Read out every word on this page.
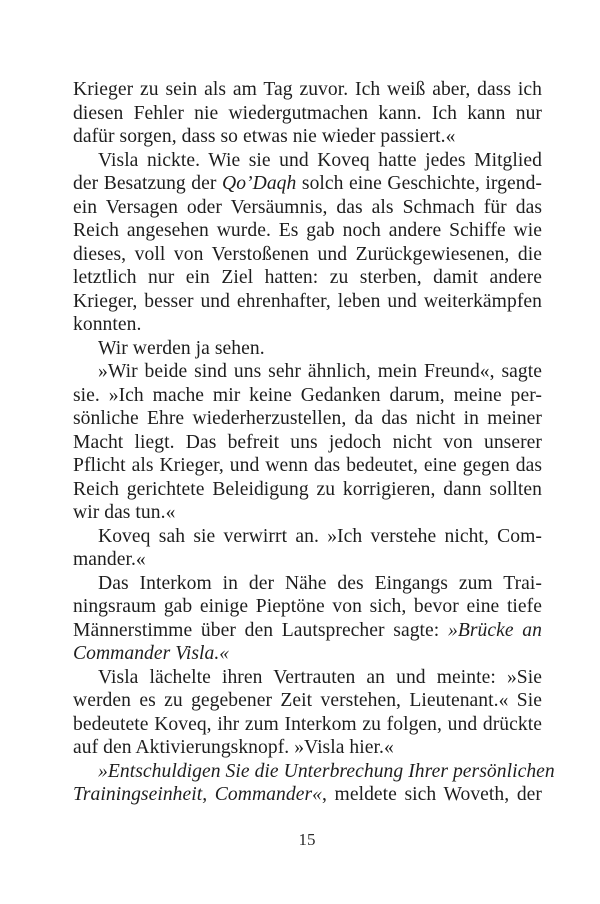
Krieger zu sein als am Tag zuvor. Ich weiß aber, dass ich
diesen Fehler nie wiedergutmachen kann. Ich kann nur
dafür sorgen, dass so etwas nie wieder passiert.«
Visla nickte. Wie sie und Koveq hatte jedes Mitglied
der Besatzung der Qo’Daqh solch eine Geschichte, irgend-
ein Versagen oder Versäumnis, das als Schmach für das
Reich angesehen wurde. Es gab noch andere Schiffe wie
dieses, voll von Verstoßenen und Zurückgewiesenen, die
letztlich nur ein Ziel hatten: zu sterben, damit andere
Krieger, besser und ehrenhafter, leben und weiterkämpfen
konnten.
Wir werden ja sehen.
»Wir beide sind uns sehr ähnlich, mein Freund«, sagte
sie. »Ich mache mir keine Gedanken darum, meine per-
sönliche Ehre wiederherzustellen, da das nicht in meiner
Macht liegt. Das befreit uns jedoch nicht von unserer
Pflicht als Krieger, und wenn das bedeutet, eine gegen das
Reich gerichtete Beleidigung zu korrigieren, dann sollten
wir das tun.«
Koveq sah sie verwirrt an. »Ich verstehe nicht, Com-
mander.«
Das Interkom in der Nähe des Eingangs zum Trai-
ningsraum gab einige Pieptöne von sich, bevor eine tiefe
Männerstimme über den Lautsprecher sagte: »Brücke an
Commander Visla.«
Visla lächelte ihren Vertrauten an und meinte: »Sie
werden es zu gegebener Zeit verstehen, Lieutenant.« Sie
bedeutete Koveq, ihr zum Interkom zu folgen, und drückte
auf den Aktivierungsknopf. »Visla hier.«
»Entschuldigen Sie die Unterbrechung Ihrer persönlichen
Trainingseinheit, Commander«, meldete sich Woveth, der
15
